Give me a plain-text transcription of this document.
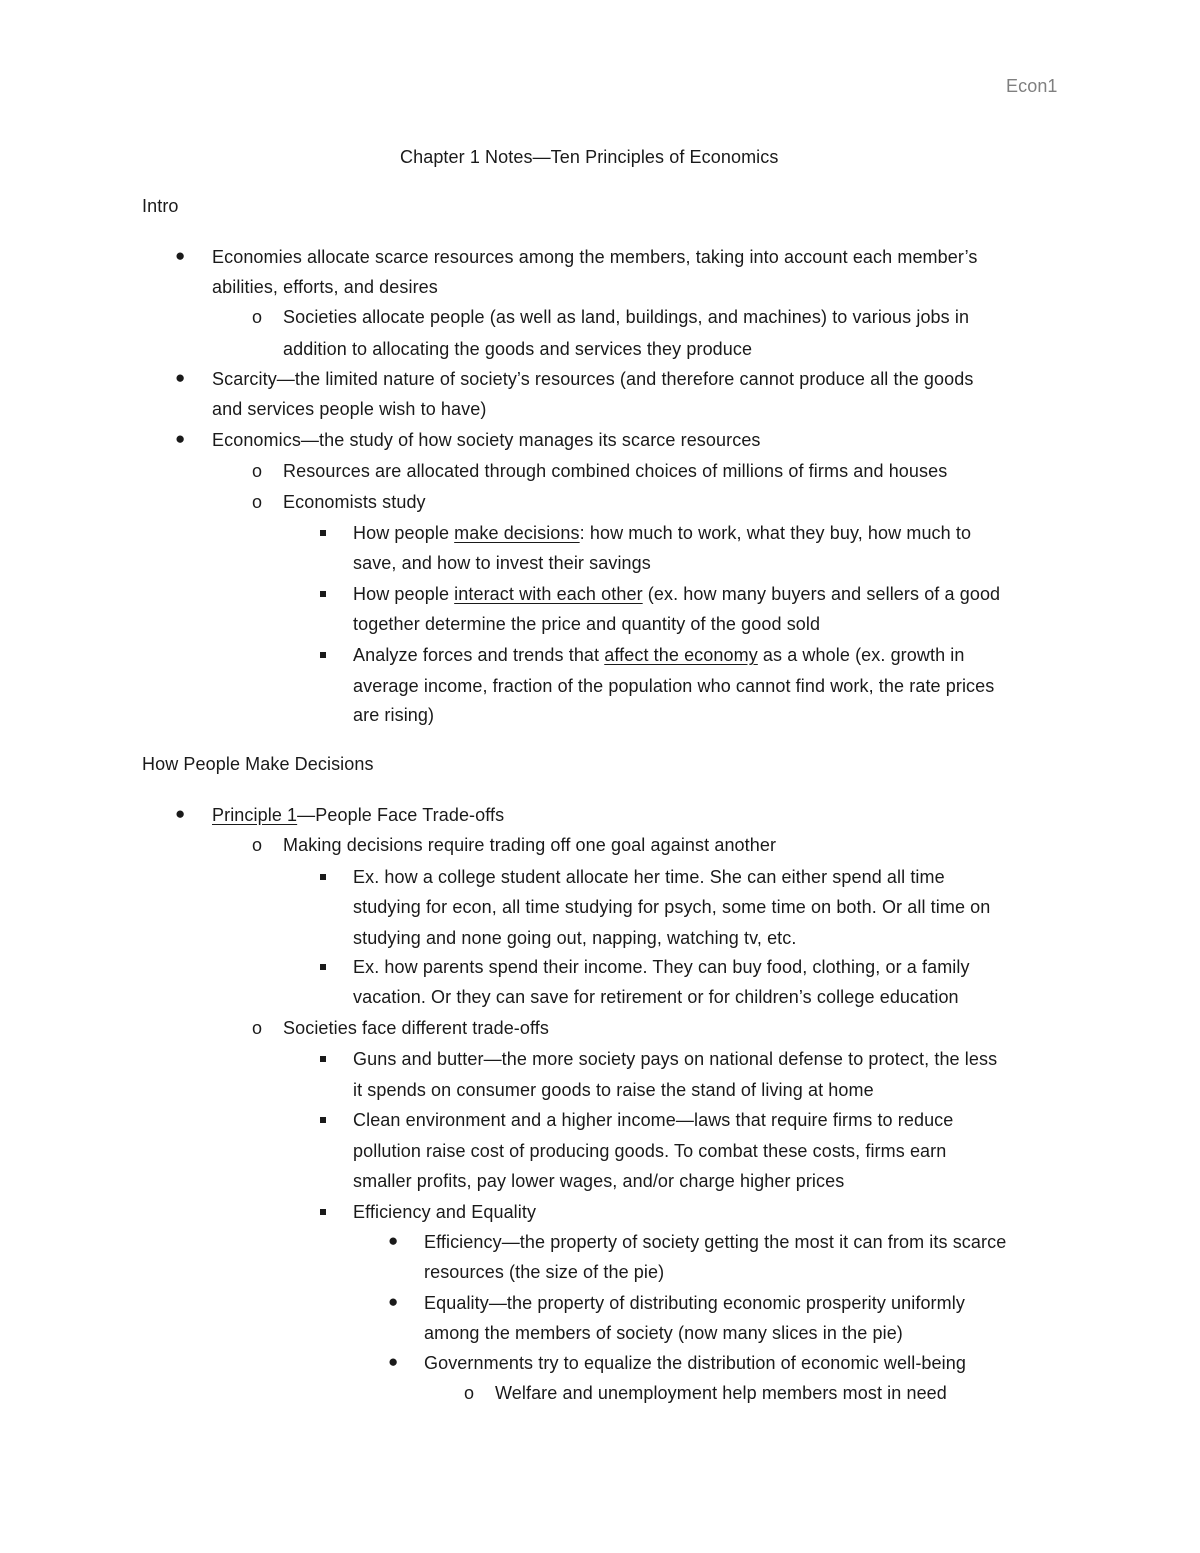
Econ1
Chapter 1 Notes—Ten Principles of Economics
Intro
● Economies allocate scarce resources among the members, taking into account each member’s
abilities, efforts, and desires
o Societies allocate people (as well as land, buildings, and machines) to various jobs in
addition to allocating the goods and services they produce
● Scarcity—the limited nature of society’s resources (and therefore cannot produce all the goods
and services people wish to have)
● Economics—the study of how society manages its scarce resources
o Resources are allocated through combined choices of millions of firms and houses
o Economists study
How people make decisions: how much to work, what they buy, how much to
save, and how to invest their savings
How people interact with each other (ex. how many buyers and sellers of a good
together determine the price and quantity of the good sold
Analyze forces and trends that affect the economy as a whole (ex. growth in
average income, fraction of the population who cannot find work, the rate prices
are rising)
How People Make Decisions
● Principle 1—People Face Trade-offs
o Making decisions require trading off one goal against another
Ex. how a college student allocate her time. She can either spend all time
studying for econ, all time studying for psych, some time on both. Or all time on
studying and none going out, napping, watching tv, etc.
Ex. how parents spend their income. They can buy food, clothing, or a family
vacation. Or they can save for retirement or for children’s college education
o Societies face different trade-offs
Guns and butter—the more society pays on national defense to protect, the less
it spends on consumer goods to raise the stand of living at home
Clean environment and a higher income—laws that require firms to reduce
pollution raise cost of producing goods. To combat these costs, firms earn
smaller profits, pay lower wages, and/or charge higher prices
Efficiency and Equality
● Efficiency—the property of society getting the most it can from its scarce
resources (the size of the pie)
● Equality—the property of distributing economic prosperity uniformly
among the members of society (now many slices in the pie)
● Governments try to equalize the distribution of economic well-being
o Welfare and unemployment help members most in need
